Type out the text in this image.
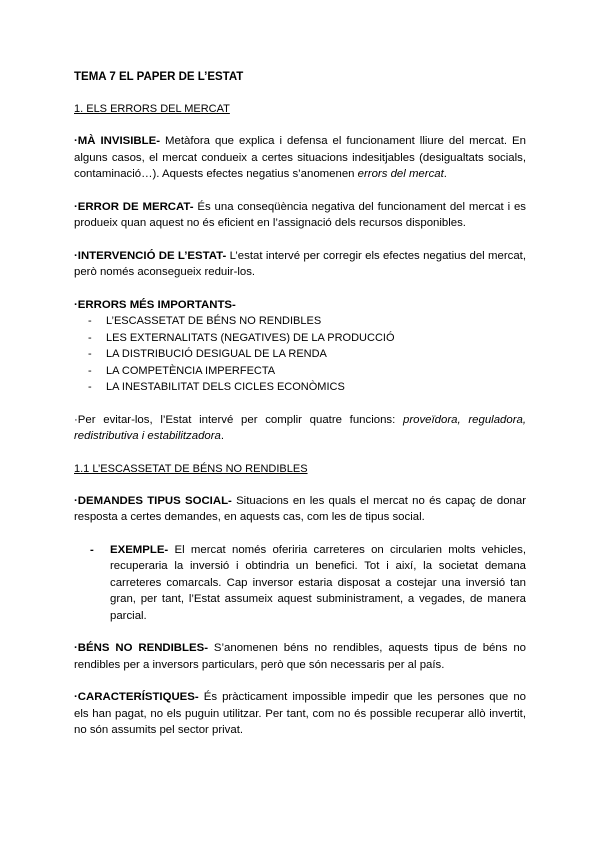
TEMA 7 EL PAPER DE L’ESTAT

1. ELS ERRORS DEL MERCAT

·MÀ INVISIBLE- Metàfora que explica i defensa el funcionament lliure del mercat. En alguns casos, el mercat condueix a certes situacions indesitjables (desigualtats socials, contaminació…). Aquests efectes negatius s’anomenen errors del mercat.

·ERROR DE MERCAT- És una conseqüència negativa del funcionament del mercat i es produeix quan aquest no és eficient en l’assignació dels recursos disponibles.

·INTERVENCIÓ DE L’ESTAT- L’estat intervé per corregir els efectes negatius del mercat, però només aconsegueix reduir-los.

·ERRORS MÉS IMPORTANTS-

- L’ESCASSETAT DE BÉNS NO RENDIBLES
- LES EXTERNALITATS (NEGATIVES) DE LA PRODUCCIÓ
- LA DISTRIBUCIÓ DESIGUAL DE LA RENDA
- LA COMPETÈNCIA IMPERFECTA
- LA INESTABILITAT DELS CICLES ECONÒMICS

·Per evitar-los, l’Estat intervé per complir quatre funcions: proveïdora, reguladora, redistributiva i estabilitzadora.

1.1 L’ESCASSETAT DE BÉNS NO RENDIBLES

·DEMANDES TIPUS SOCIAL- Situacions en les quals el mercat no és capaç de donar resposta a certes demandes, en aquests cas, com les de tipus social.

- EXEMPLE- El mercat només oferiria carreteres on circularien molts vehicles, recuperaria la inversió i obtindria un benefici. Tot i així, la societat demana carreteres comarcals. Cap inversor estaria disposat a costejar una inversió tan gran, per tant, l’Estat assumeix aquest subministrament, a vegades, de manera parcial.

·BÉNS NO RENDIBLES- S’anomenen béns no rendibles, aquests tipus de béns no rendibles per a inversors particulars, però que són necessaris per al país.

·CARACTERÍSTIQUES- És pràcticament impossible impedir que les persones que no els han pagat, no els puguin utilitzar. Per tant, com no és possible recuperar allò invertit, no són assumits pel sector privat.
